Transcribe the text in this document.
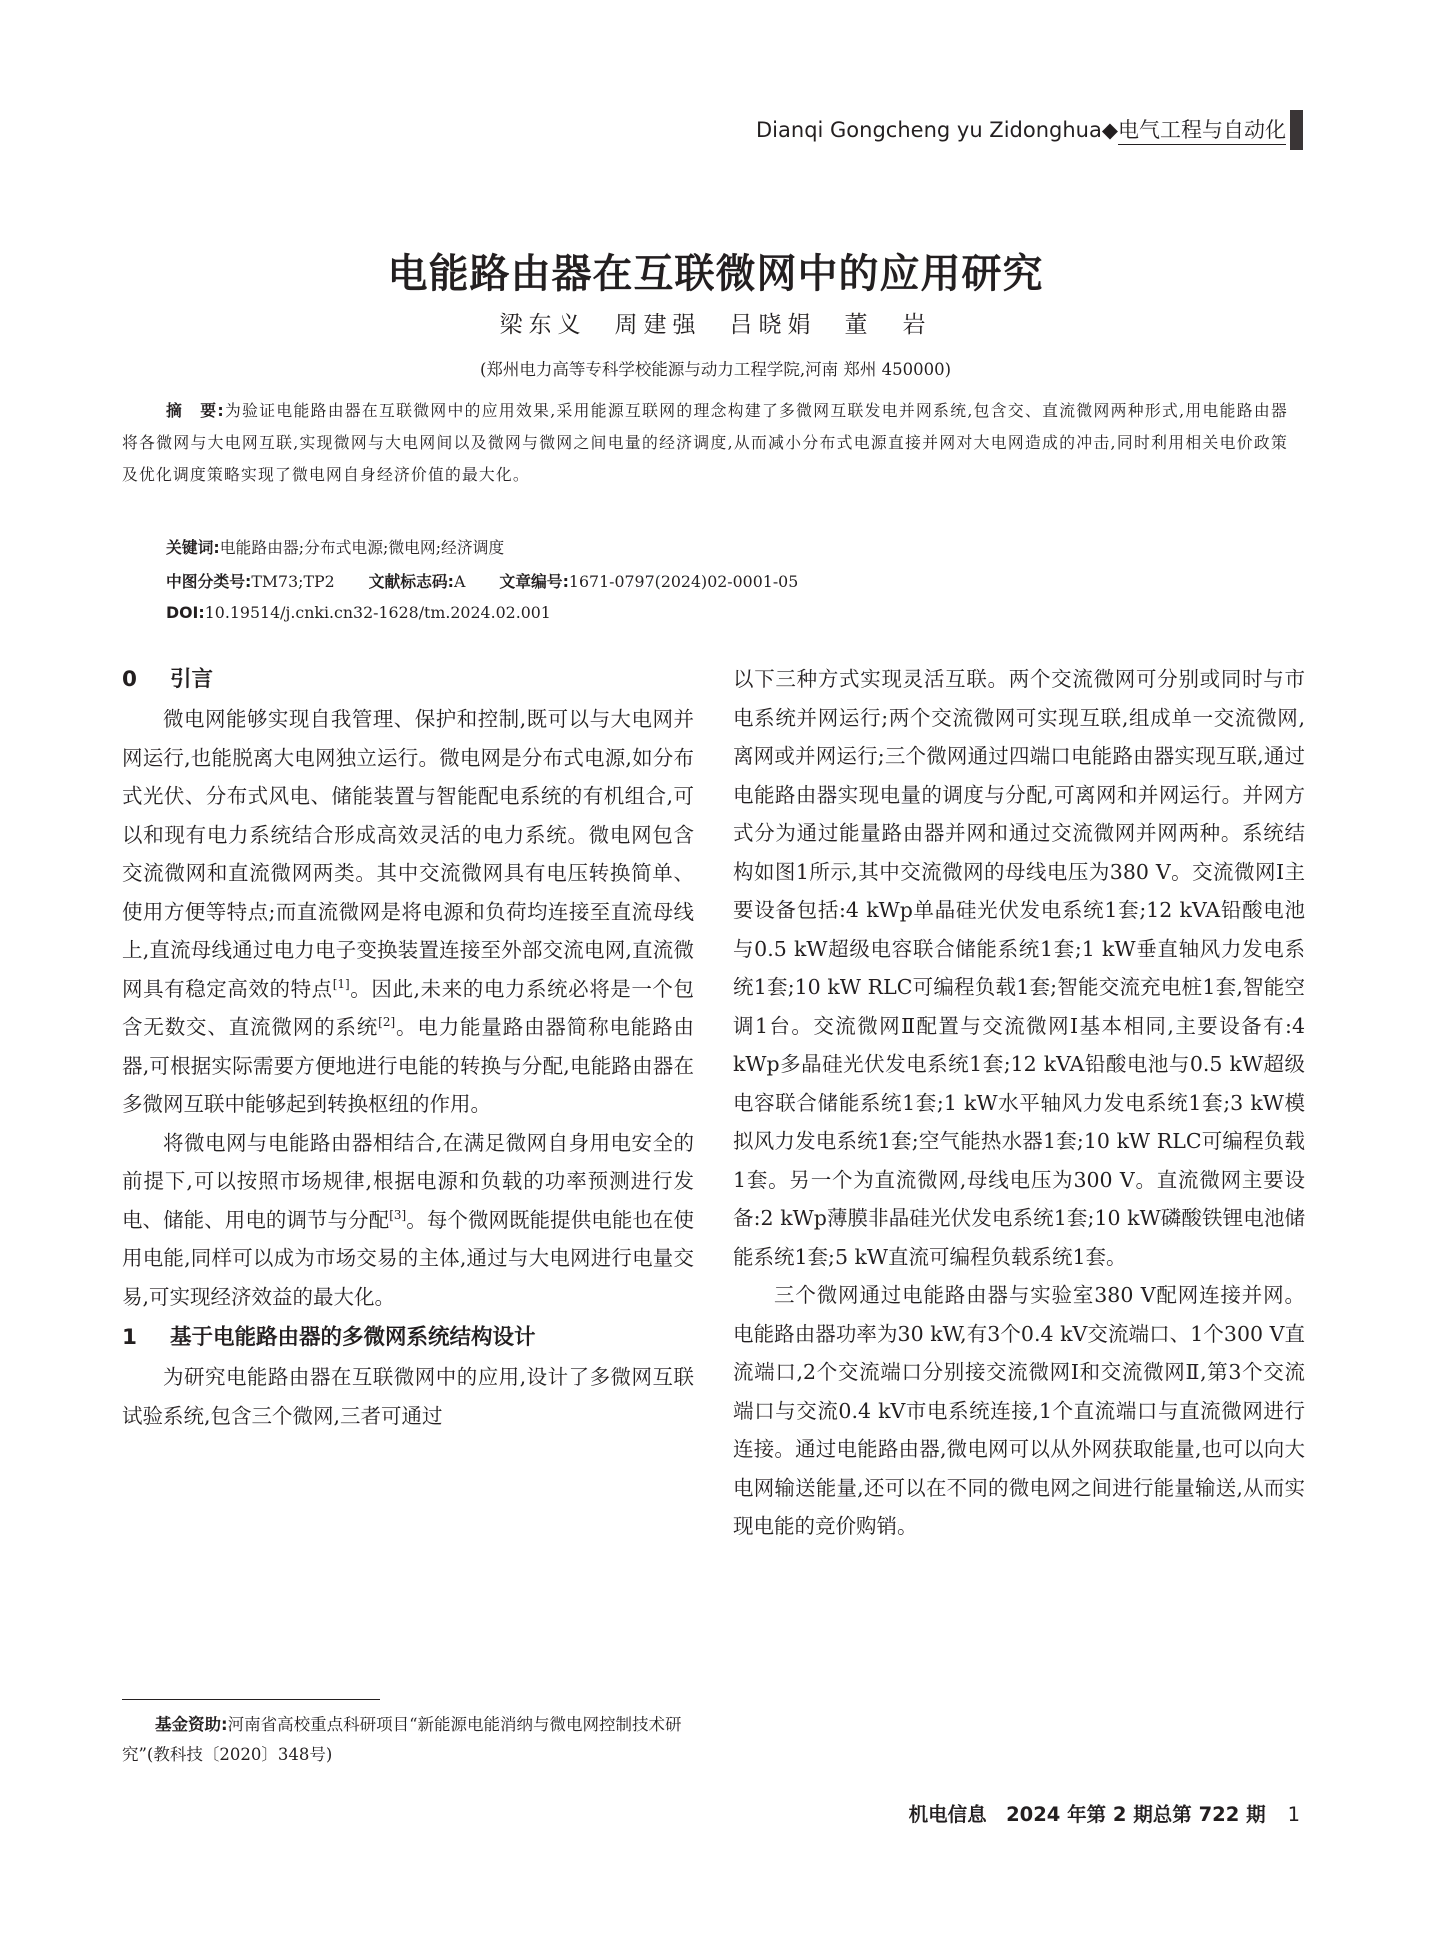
Dianqi Gongcheng yu Zidonghua◆电气工程与自动化
电能路由器在互联微网中的应用研究
梁东义 周建强 吕晓娟 董　岩
(郑州电力高等专科学校能源与动力工程学院,河南 郑州 450000)
摘　要:为验证电能路由器在互联微网中的应用效果,采用能源互联网的理念构建了多微网互联发电并网系统,包含交、直流微网两种形式,用电能路由器将各微网与大电网互联,实现微网与大电网间以及微网与微网之间电量的经济调度,从而减小分布式电源直接并网对大电网造成的冲击,同时利用相关电价政策及优化调度策略实现了微电网自身经济价值的最大化。
关键词:电能路由器;分布式电源;微电网;经济调度
中图分类号:TM73;TP2 文献标志码:A 文章编号:1671-0797(2024)02-0001-05
DOI:10.19514/j.cnki.cn32-1628/tm.2024.02.001
0 引言

微电网能够实现自我管理、保护和控制,既可以与大电网并网运行,也能脱离大电网独立运行。微电网是分布式电源,如分布式光伏、分布式风电、储能装置与智能配电系统的有机组合,可以和现有电力系统结合形成高效灵活的电力系统。微电网包含交流微网和直流微网两类。其中交流微网具有电压转换简单、使用方便等特点;而直流微网是将电源和负荷均连接至直流母线上,直流母线通过电力电子变换装置连接至外部交流电网,直流微网具有稳定高效的特点[1]。因此,未来的电力系统必将是一个包含无数交、直流微网的系统[2]。电力能量路由器简称电能路由器,可根据实际需要方便地进行电能的转换与分配,电能路由器在多微网互联中能够起到转换枢纽的作用。

将微电网与电能路由器相结合,在满足微网自身用电安全的前提下,可以按照市场规律,根据电源和负载的功率预测进行发电、储能、用电的调节与分配[3]。每个微网既能提供电能也在使用电能,同样可以成为市场交易的主体,通过与大电网进行电量交易,可实现经济效益的最大化。

1 基于电能路由器的多微网系统结构设计

为研究电能路由器在互联微网中的应用,设计了多微网互联试验系统,包含三个微网,三者可通过

以下三种方式实现灵活互联。两个交流微网可分别或同时与市电系统并网运行;两个交流微网可实现互联,组成单一交流微网,离网或并网运行;三个微网通过四端口电能路由器实现互联,通过电能路由器实现电量的调度与分配,可离网和并网运行。并网方式分为通过能量路由器并网和通过交流微网并网两种。系统结构如图1所示,其中交流微网的母线电压为380 V。交流微网Ⅰ主要设备包括:4 kWp单晶硅光伏发电系统1套;12 kVA铅酸电池与0.5 kW超级电容联合储能系统1套;1 kW垂直轴风力发电系统1套;10 kW RLC可编程负载1套;智能交流充电桩1套,智能空调1台。交流微网Ⅱ配置与交流微网Ⅰ基本相同,主要设备有:4 kWp多晶硅光伏发电系统1套;12 kVA铅酸电池与0.5 kW超级电容联合储能系统1套;1 kW水平轴风力发电系统1套;3 kW模拟风力发电系统1套;空气能热水器1套;10 kW RLC可编程负载1套。另一个为直流微网,母线电压为300 V。直流微网主要设备:2 kWp薄膜非晶硅光伏发电系统1套;10 kW磷酸铁锂电池储能系统1套;5 kW直流可编程负载系统1套。

三个微网通过电能路由器与实验室380 V配网连接并网。电能路由器功率为30 kW,有3个0.4 kV交流端口、1个300 V直流端口,2个交流端口分别接交流微网Ⅰ和交流微网Ⅱ,第3个交流端口与交流0.4 kV市电系统连接,1个直流端口与直流微网进行连接。通过电能路由器,微电网可以从外网获取能量,也可以向大电网输送能量,还可以在不同的微电网之间进行能量输送,从而实现电能的竞价购销。

基金资助:河南省高校重点科研项目“新能源电能消纳与微电网控制技术研究”(教科技〔2020〕348号)

机电信息　2024 年第 2 期总第 722 期 1
